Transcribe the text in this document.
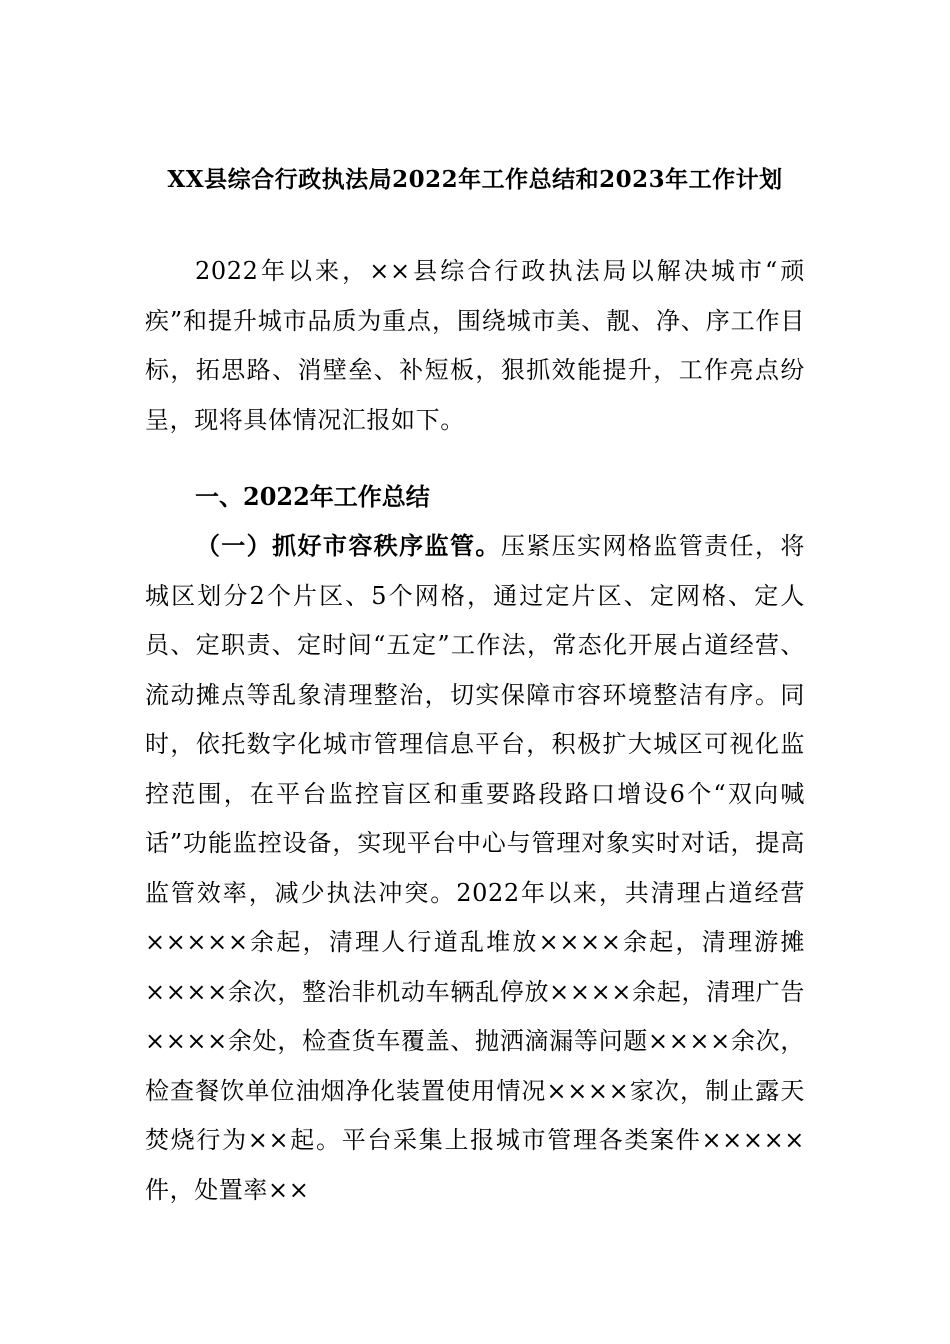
XX县综合行政执法局2022年工作总结和2023年工作计划
2022年以来，××县综合行政执法局以解决城市“顽疾”和提升城市品质为重点，围绕城市美、靓、净、序工作目标，拓思路、消壁垒、补短板，狠抓效能提升，工作亮点纷呈，现将具体情况汇报如下。
一、2022年工作总结
（一）抓好市容秩序监管。压紧压实网格监管责任，将城区划分2个片区、5个网格，通过定片区、定网格、定人员、定职责、定时间“五定”工作法，常态化开展占道经营、流动摊点等乱象清理整治，切实保障市容环境整洁有序。同时，依托数字化城市管理信息平台，积极扩大城区可视化监控范围，在平台监控盲区和重要路段路口增设6个“双向喊话”功能监控设备，实现平台中心与管理对象实时对话，提高监管效率，减少执法冲突。2022年以来，共清理占道经营×××××余起，清理人行道乱堆放××××余起，清理游摊××××余次，整治非机动车辆乱停放××××余起，清理广告××××余处，检查货车覆盖、抛洒滴漏等问题××××余次，检查餐饮单位油烟净化装置使用情况××××家次，制止露天焚烧行为××起。平台采集上报城市管理各类案件×××××件，处置率××
